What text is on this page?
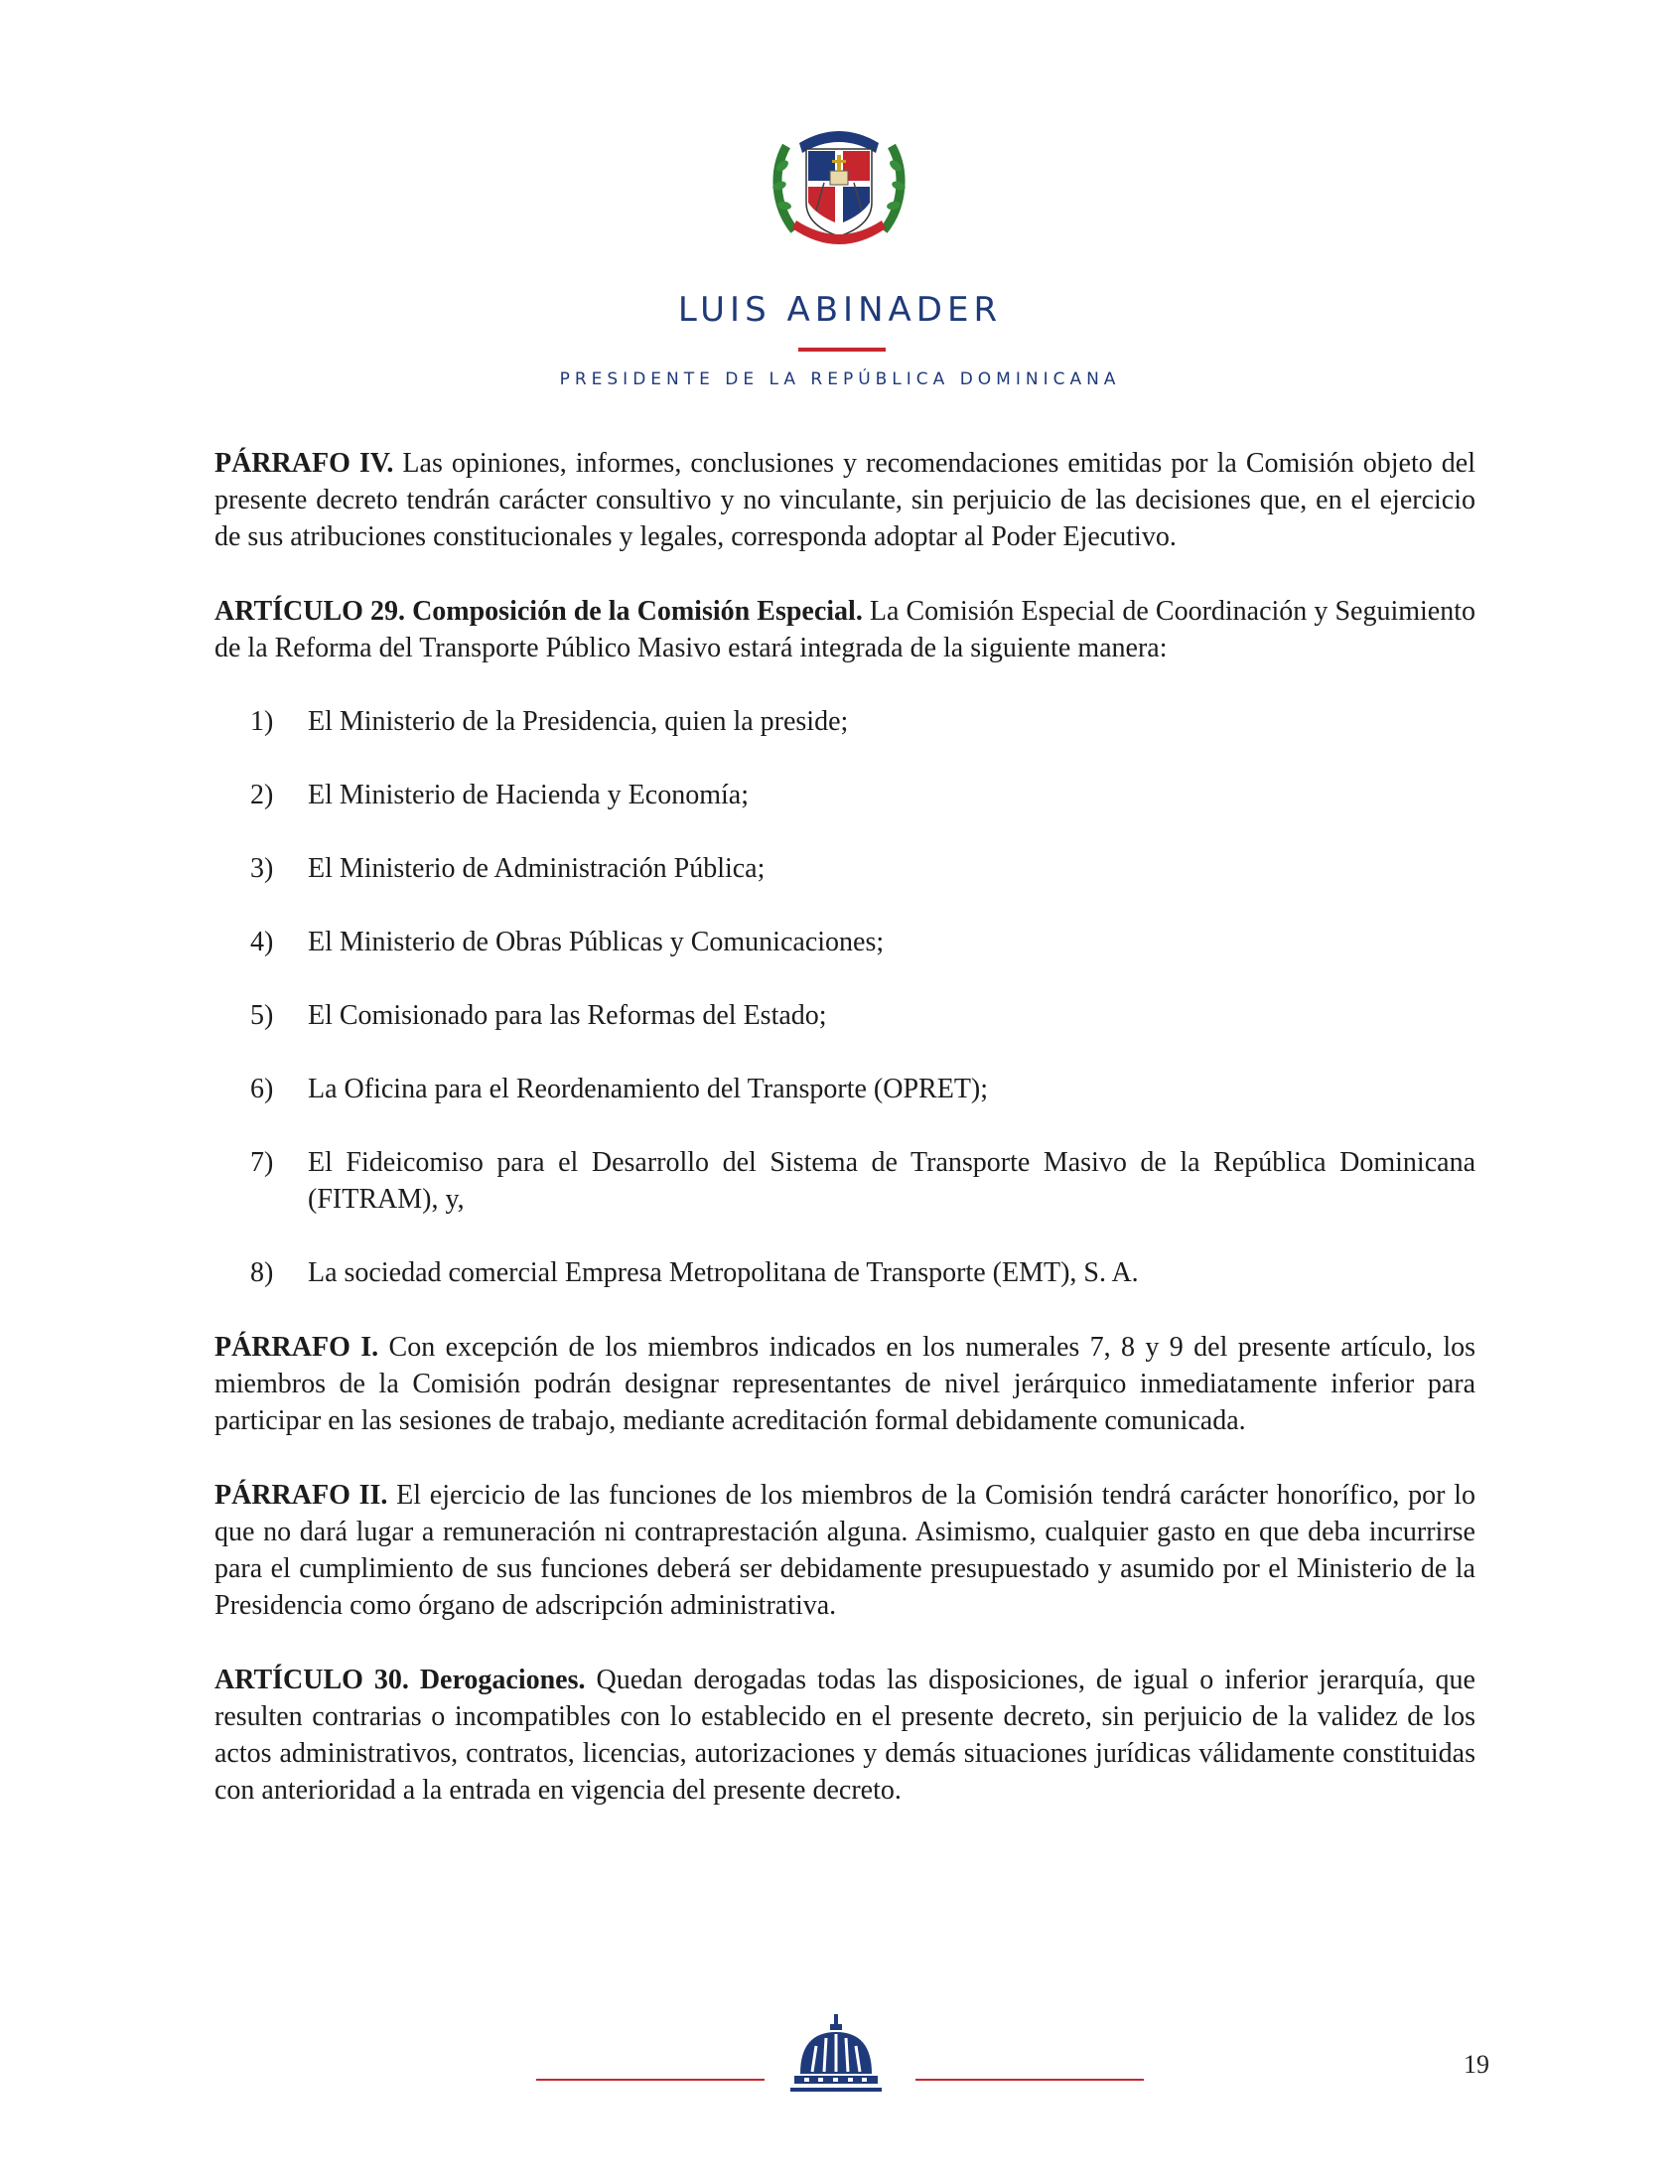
LUIS ABINADER
PRESIDENTE DE LA REPÚBLICA DOMINICANA

PÁRRAFO IV. Las opiniones, informes, conclusiones y recomendaciones emitidas por la Comisión objeto del presente decreto tendrán carácter consultivo y no vinculante, sin perjuicio de las decisiones que, en el ejercicio de sus atribuciones constitucionales y legales, corresponda adoptar al Poder Ejecutivo.

ARTÍCULO 29. Composición de la Comisión Especial. La Comisión Especial de Coordinación y Seguimiento de la Reforma del Transporte Público Masivo estará integrada de la siguiente manera:

1) El Ministerio de la Presidencia, quien la preside;
2) El Ministerio de Hacienda y Economía;
3) El Ministerio de Administración Pública;
4) El Ministerio de Obras Públicas y Comunicaciones;
5) El Comisionado para las Reformas del Estado;
6) La Oficina para el Reordenamiento del Transporte (OPRET);
7) El Fideicomiso para el Desarrollo del Sistema de Transporte Masivo de la República Dominicana (FITRAM), y,
8) La sociedad comercial Empresa Metropolitana de Transporte (EMT), S. A.

PÁRRAFO I. Con excepción de los miembros indicados en los numerales 7, 8 y 9 del presente artículo, los miembros de la Comisión podrán designar representantes de nivel jerárquico inmediatamente inferior para participar en las sesiones de trabajo, mediante acreditación formal debidamente comunicada.

PÁRRAFO II. El ejercicio de las funciones de los miembros de la Comisión tendrá carácter honorífico, por lo que no dará lugar a remuneración ni contraprestación alguna. Asimismo, cualquier gasto en que deba incurrirse para el cumplimiento de sus funciones deberá ser debidamente presupuestado y asumido por el Ministerio de la Presidencia como órgano de adscripción administrativa.

ARTÍCULO 30. Derogaciones. Quedan derogadas todas las disposiciones, de igual o inferior jerarquía, que resulten contrarias o incompatibles con lo establecido en el presente decreto, sin perjuicio de la validez de los actos administrativos, contratos, licencias, autorizaciones y demás situaciones jurídicas válidamente constituidas con anterioridad a la entrada en vigencia del presente decreto.

19
